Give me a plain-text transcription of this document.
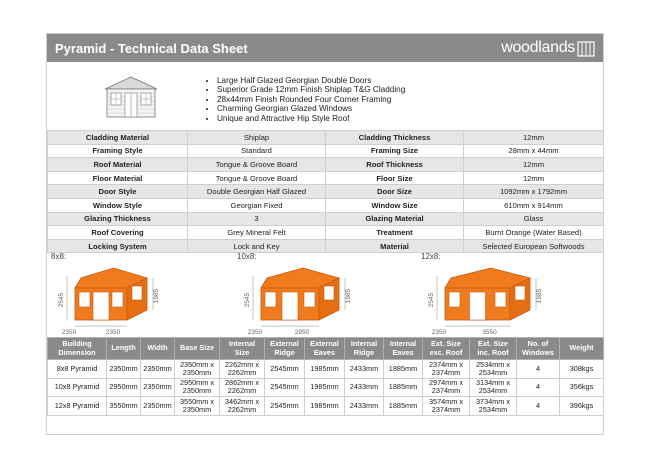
Pyramid - Technical Data Sheet	woodlands
• Large Half Glazed Georgian Double Doors
• Superior Grade 12mm Finish Shiplap T&G Cladding
• 28x44mm Finish Rounded Four Corner Framing
• Charming Georgian Glazed Windows
• Unique and Attractive Hip Style Roof
Cladding Material	Shiplap	Cladding Thickness	12mm
Framing Style	Standard	Framing Size	28mm x 44mm
Roof Material	Tongue & Groove Board	Roof Thickness	12mm
Floor Material	Tongue & Groove Board	Floor Size	12mm
Door Style	Double Georgian Half Glazed	Door Size	1092mm x 1792mm
Window Style	Georgian Fixed	Window Size	610mm x 914mm
Glazing Thickness	3	Glazing Material	Glass
Roof Covering	Grey Mineral Felt	Treatment	Burnt Orange (Water Based)
Locking System	Lock and Key	Material	Selected European Softwoods
8x8:
2545	1985
2350	2350
10x8:
2545	1985
2350	2950
12x8:
2545	1985
2350	3550
Building Dimension	Length	Width	Base Size	Internal Size	External Ridge	External Eaves	Internal Ridge	Internal Eaves	Ext. Size exc. Roof	Ext. Size inc. Roof	No. of Windows	Weight
8x8 Pyramid	2350mm	2350mm	2350mm x 2350mm	2262mm x 2262mm	2545mm	1985mm	2433mm	1885mm	2374mm x 2374mm	2534mm x 2534mm	4	308kgs
10x8 Pyramid	2950mm	2350mm	2950mm x 2350mm	2862mm x 2262mm	2545mm	1985mm	2433mm	1885mm	2974mm x 2374mm	3134mm x 2534mm	4	356kgs
12x8 Pyramid	3550mm	2350mm	3550mm x 2350mm	3462mm x 2262mm	2545mm	1985mm	2433mm	1885mm	3574mm x 2374mm	3734mm x 2534mm	4	396kgs
